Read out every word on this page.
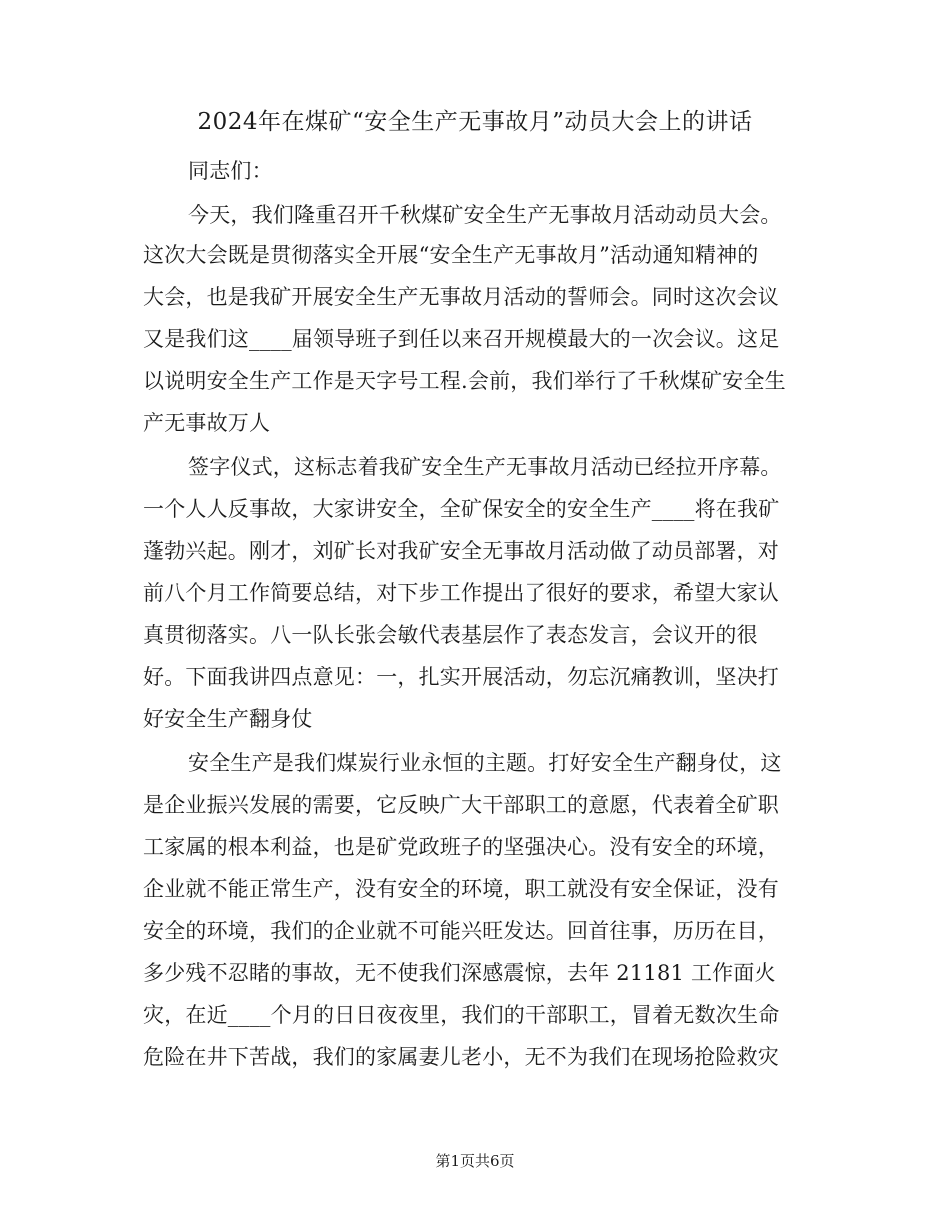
2024年在煤矿“安全生产无事故月”动员大会上的讲话
同志们：
今天，我们隆重召开千秋煤矿安全生产无事故月活动动员大会。
这次大会既是贯彻落实全开展“安全生产无事故月”活动通知精神的
大会，也是我矿开展安全生产无事故月活动的誓师会。同时这次会议
又是我们这____届领导班子到任以来召开规模最大的一次会议。这足
以说明安全生产工作是天字号工程.会前，我们举行了千秋煤矿安全生
产无事故万人
签字仪式，这标志着我矿安全生产无事故月活动已经拉开序幕。
一个人人反事故，大家讲安全，全矿保安全的安全生产____将在我矿
蓬勃兴起。刚才，刘矿长对我矿安全无事故月活动做了动员部署，对
前八个月工作简要总结，对下步工作提出了很好的要求，希望大家认
真贯彻落实。八一队长张会敏代表基层作了表态发言，会议开的很
好。下面我讲四点意见：一，扎实开展活动，勿忘沉痛教训，坚决打
好安全生产翻身仗
安全生产是我们煤炭行业永恒的主题。打好安全生产翻身仗，这
是企业振兴发展的需要，它反映广大干部职工的意愿，代表着全矿职
工家属的根本利益，也是矿党政班子的坚强决心。没有安全的环境，
企业就不能正常生产，没有安全的环境，职工就没有安全保证，没有
安全的环境，我们的企业就不可能兴旺发达。回首往事，历历在目，
多少残不忍睹的事故，无不使我们深感震惊，去年 21181 工作面火
灾，在近____个月的日日夜夜里，我们的干部职工，冒着无数次生命
危险在井下苦战，我们的家属妻儿老小，无不为我们在现场抢险救灾
第1页共6页
